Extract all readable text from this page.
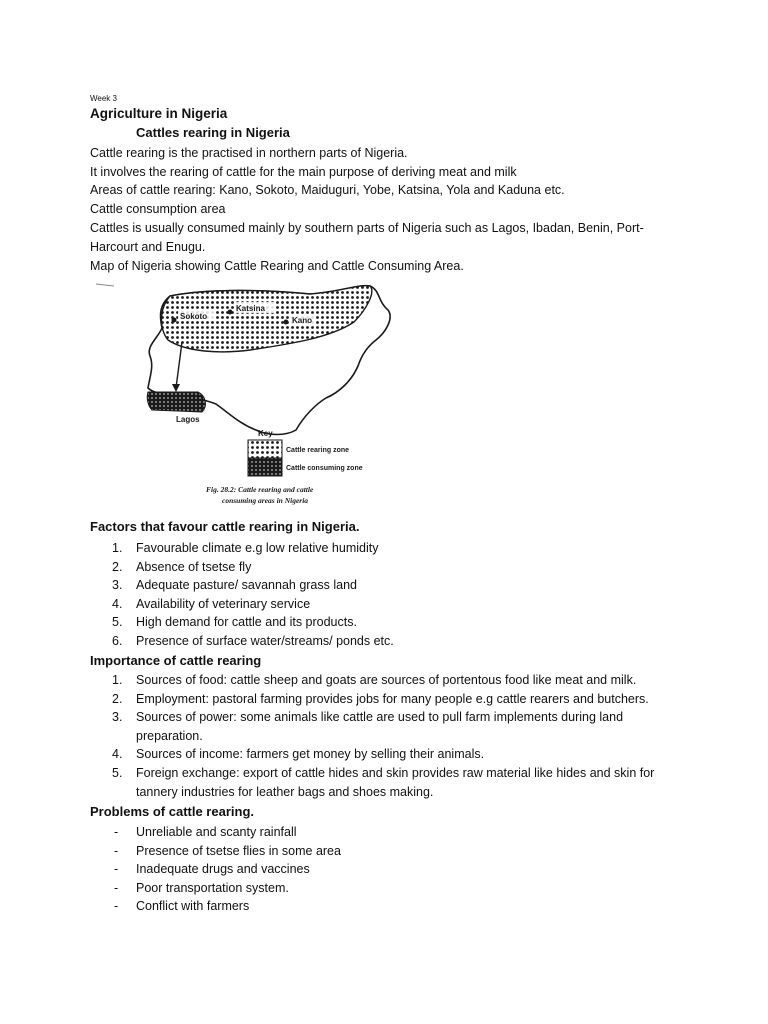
Week 3
Agriculture in Nigeria
Cattles rearing in Nigeria
Cattle rearing is the practised in northern parts of Nigeria.
It involves the rearing of cattle for the main purpose of deriving meat and milk
Areas of cattle rearing: Kano, Sokoto, Maiduguri, Yobe, Katsina, Yola and Kaduna etc.
Cattle consumption area
Cattles is usually consumed mainly by southern parts of Nigeria such as Lagos, Ibadan, Benin, Port-Harcourt and Enugu.
Map of Nigeria showing Cattle Rearing and Cattle Consuming Area.
Sokoto
Katsina
Kano
Lagos
Key
Cattle rearing zone
Cattle consuming zone
Fig. 28.2: Cattle rearing and cattle
consuming areas in Nigeria
Factors that favour cattle rearing in Nigeria.
1. Favourable climate e.g low relative humidity
2. Absence of tsetse fly
3. Adequate pasture/ savannah grass land
4. Availability of veterinary service
5. High demand for cattle and its products.
6. Presence of surface water/streams/ ponds etc.
Importance of cattle rearing
1. Sources of food: cattle sheep and goats are sources of portentous food like meat and milk.
2. Employment: pastoral farming provides jobs for many people e.g cattle rearers and butchers.
3. Sources of power: some animals like cattle are used to pull farm implements during land preparation.
4. Sources of income: farmers get money by selling their animals.
5. Foreign exchange: export of cattle hides and skin provides raw material like hides and skin for tannery industries for leather bags and shoes making.
Problems of cattle rearing.
- Unreliable and scanty rainfall
- Presence of tsetse flies in some area
- Inadequate drugs and vaccines
- Poor transportation system.
- Conflict with farmers
